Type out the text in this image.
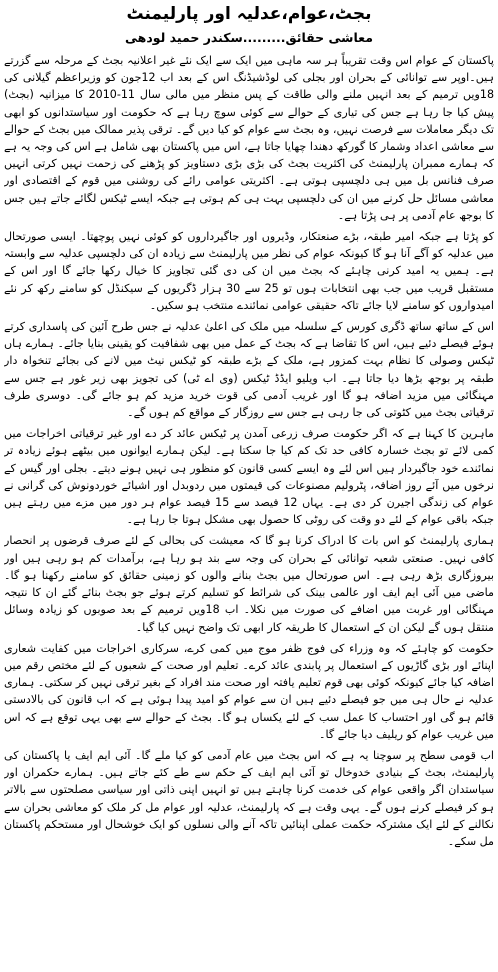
بجٹ،عوام،عدلیہ اور پارلیمنٹ
معاشی حقائق.........سکندر حمید لودھی

پاکستان کے عوام اس وقت تقریباً ہر سہ ماہی میں ایک سے ایک نئے غیر اعلانیہ بجٹ کے مرحلہ سے گزرتے ہیں۔اوپر سے توانائی کے بحران اور بجلی کی لوڈشیڈنگ اس کے بعد اب 12جون کو وزیراعظم گیلانی کی 18ویں ترمیم کے بعد انہیں ملنے والی طاقت کے پس منظر میں مالی سال 11-2010 کا میزانیہ (بجٹ) پیش کیا جا رہا ہے جس کی تیاری کے حوالے سے کوئی سوچ رہا ہے کہ حکومت اور سیاستدانوں کو ابھی تک دیگر معاملات سے فرصت نہیں، وہ بجٹ سے عوام کو کیا دیں گے۔ ترقی پذیر ممالک میں بجٹ کے حوالے سے معاشی اعداد وشمار کا گورکھ دھندا چھایا جاتا ہے، اس میں پاکستان بھی شامل ہے اس کی وجہ یہ ہے کہ ہمارے ممبران پارلیمنٹ کی اکثریت بجٹ کی بڑی بڑی دستاویز کو پڑھنے کی زحمت نہیں کرتی انہیں صرف فنانس بل میں ہی دلچسپی ہوتی ہے۔ اکثریتی عوامی رائے کی روشنی میں قوم کے اقتصادی اور معاشی مسائل حل کرنے میں ان کی دلچسپی بہت ہی کم ہوتی ہے جبکہ ایسے ٹیکس لگائے جاتے ہیں جس کا بوجھ عام آدمی پر ہی پڑتا ہے۔

کو پڑتا ہے جبکہ امیر طبقہ، بڑے صنعتکار، وڈیروں اور جاگیرداروں کو کوئی نہیں پوچھتا۔ ایسی صورتحال میں عدلیہ کو آگے آنا ہو گا کیونکہ عوام کی نظر میں پارلیمنٹ سے زیادہ ان کی دلچسپی عدلیہ سے وابستہ ہے۔ ہمیں یہ امید کرنی چاہئے کہ بجٹ میں ان کی دی گئی تجاویز کا خیال رکھا جائے گا اور اس کے مستقبل قریب میں جب بھی انتخابات ہوں تو 25 سے 30 ہزار ڈگریوں کے سیکنڈل کو سامنے رکھ کر نئے امیدواروں کو سامنے لایا جائے تاکہ حقیقی عوامی نمائندے منتخب ہو سکیں۔

اس کے ساتھ ساتھ ڈگری کورس کے سلسلہ میں ملک کی اعلیٰ عدلیہ نے جس طرح آئین کی پاسداری کرتے ہوئے فیصلے دئیے ہیں، اس کا تقاضا ہے کہ بجٹ کے عمل میں بھی شفافیت کو یقینی بنایا جائے۔ ہمارے ہاں ٹیکس وصولی کا نظام بہت کمزور ہے، ملک کے بڑے طبقہ کو ٹیکس نیٹ میں لانے کی بجائے تنخواہ دار طبقہ پر بوجھ بڑھا دیا جاتا ہے۔ اب ویلیو ایڈڈ ٹیکس (وی اے ٹی) کی تجویز بھی زیر غور ہے جس سے مہنگائی میں مزید اضافہ ہو گا اور غریب آدمی کی قوت خرید مزید کم ہو جائے گی۔ دوسری طرف ترقیاتی بجٹ میں کٹوتی کی جا رہی ہے جس سے روزگار کے مواقع کم ہوں گے۔

ماہرین کا کہنا ہے کہ اگر حکومت صرف زرعی آمدن پر ٹیکس عائد کر دے اور غیر ترقیاتی اخراجات میں کمی لائے تو بجٹ خسارہ کافی حد تک کم کیا جا سکتا ہے۔ لیکن ہمارے ایوانوں میں بیٹھے ہوئے زیادہ تر نمائندے خود جاگیردار ہیں اس لئے وہ ایسے کسی قانون کو منظور ہی نہیں ہونے دیتے۔ بجلی اور گیس کے نرخوں میں آئے روز اضافہ، پٹرولیم مصنوعات کی قیمتوں میں ردوبدل اور اشیائے خوردونوش کی گرانی نے عوام کی زندگی اجیرن کر دی ہے۔ یہاں 12 فیصد سے 15 فیصد عوام ہر دور میں مزے میں رہتے ہیں جبکہ باقی عوام کے لئے دو وقت کی روٹی کا حصول بھی مشکل ہوتا جا رہا ہے۔

ہماری پارلیمنٹ کو اس بات کا ادراک کرنا ہو گا کہ معیشت کی بحالی کے لئے صرف قرضوں پر انحصار کافی نہیں۔ صنعتی شعبہ توانائی کے بحران کی وجہ سے بند ہو رہا ہے، برآمدات کم ہو رہی ہیں اور بیروزگاری بڑھ رہی ہے۔ اس صورتحال میں بجٹ بنانے والوں کو زمینی حقائق کو سامنے رکھنا ہو گا۔ ماضی میں آئی ایم ایف اور عالمی بینک کی شرائط کو تسلیم کرتے ہوئے جو بجٹ بنائے گئے ان کا نتیجہ مہنگائی اور غربت میں اضافے کی صورت میں نکلا۔ اب 18ویں ترمیم کے بعد صوبوں کو زیادہ وسائل منتقل ہوں گے لیکن ان کے استعمال کا طریقہ کار ابھی تک واضح نہیں کیا گیا۔

حکومت کو چاہئے کہ وہ وزراء کی فوج ظفر موج میں کمی کرے، سرکاری اخراجات میں کفایت شعاری اپنائے اور بڑی گاڑیوں کے استعمال پر پابندی عائد کرے۔ تعلیم اور صحت کے شعبوں کے لئے مختص رقم میں اضافہ کیا جائے کیونکہ کوئی بھی قوم تعلیم یافتہ اور صحت مند افراد کے بغیر ترقی نہیں کر سکتی۔ ہماری عدلیہ نے حال ہی میں جو فیصلے دئیے ہیں ان سے عوام کو امید پیدا ہوئی ہے کہ اب قانون کی بالادستی قائم ہو گی اور احتساب کا عمل سب کے لئے یکساں ہو گا۔ بجٹ کے حوالے سے بھی یہی توقع ہے کہ اس میں غریب عوام کو ریلیف دیا جائے گا۔

اب قومی سطح پر سوچنا یہ ہے کہ اس بجٹ میں عام آدمی کو کیا ملے گا۔ آئی ایم ایف یا پاکستان کی پارلیمنٹ، بجٹ کے بنیادی خدوخال تو آئی ایم ایف کے حکم سے طے کئے جاتے ہیں۔ ہمارے حکمران اور سیاستدان اگر واقعی عوام کی خدمت کرنا چاہتے ہیں تو انہیں اپنی ذاتی اور سیاسی مصلحتوں سے بالاتر ہو کر فیصلے کرنے ہوں گے۔ یہی وقت ہے کہ پارلیمنٹ، عدلیہ اور عوام مل کر ملک کو معاشی بحران سے نکالنے کے لئے ایک مشترکہ حکمت عملی اپنائیں تاکہ آنے والی نسلوں کو ایک خوشحال اور مستحکم پاکستان مل سکے۔
